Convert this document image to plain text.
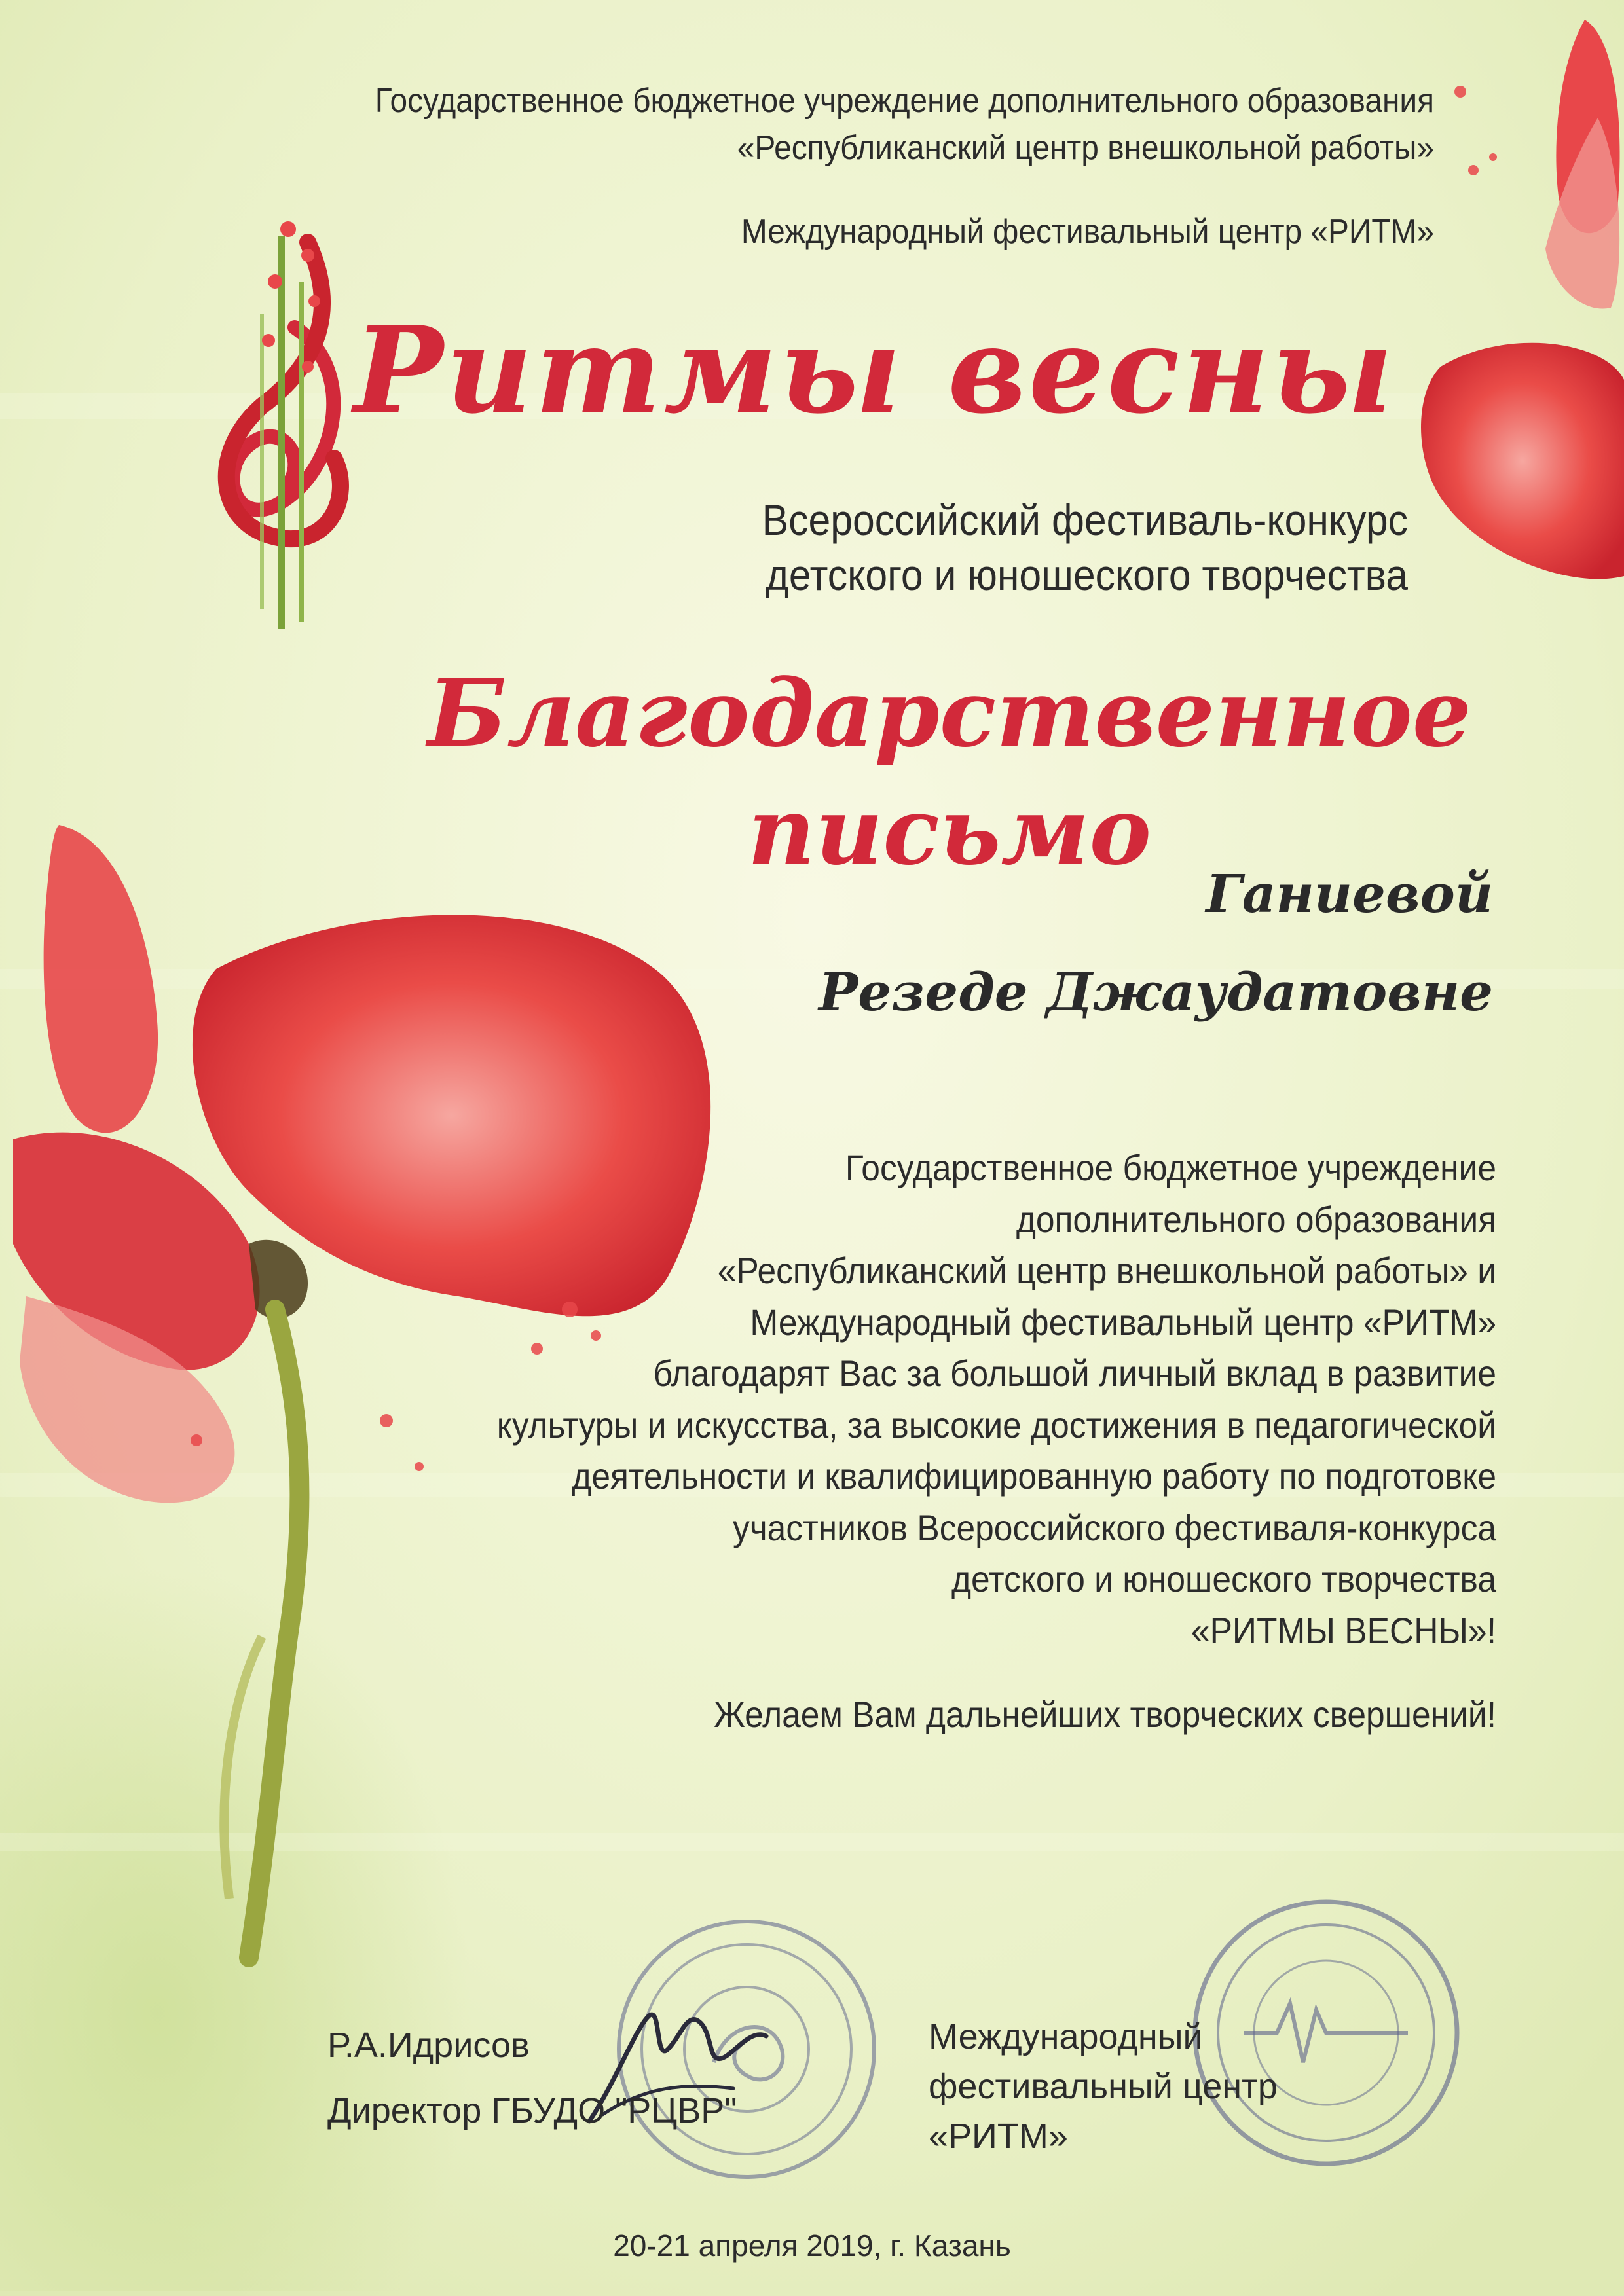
Государственное бюджетное учреждение дополнительного образования
«Республиканский центр внешкольной работы»

Международный фестивальный центр «РИТМ»

Ритмы весны

Всероссийский фестиваль-конкурс
детского и юношеского творчества

Благодарственное письмо

Ганиевой
Резеде Джаудатовне

Государственное бюджетное учреждение
дополнительного образования
«Республиканский центр внешкольной работы» и
Международный фестивальный центр «РИТМ»
благодарят Вас за большой личный вклад в развитие
культуры и искусства, за высокие достижения в педагогической
деятельности и квалифицированную работу по подготовке
участников Всероссийского фестиваля-конкурса
детского и юношеского творчества
«РИТМЫ ВЕСНЫ»!

Желаем Вам дальнейших творческих свершений!

Р.А.Идрисов

Директор ГБУДО "РЦВР"

Международный
фестивальный центр
«РИТМ»

20-21 апреля 2019, г. Казань
